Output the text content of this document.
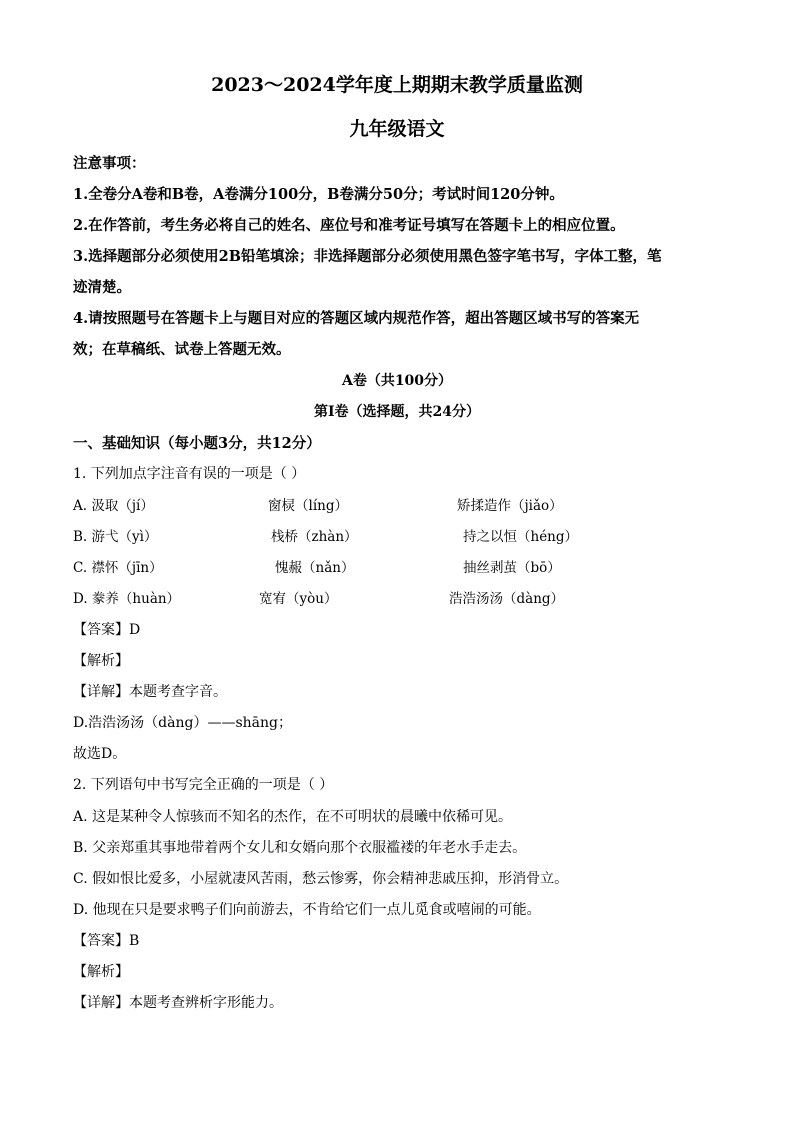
2023～2024学年度上期期末教学质量监测
九年级语文
注意事项：
1.全卷分A卷和B卷，A卷满分100分，B卷满分50分；考试时间120分钟。
2.在作答前，考生务必将自己的姓名、座位号和准考证号填写在答题卡上的相应位置。
3.选择题部分必须使用2B铅笔填涂；非选择题部分必须使用黑色签字笔书写，字体工整，笔
迹清楚。
4.请按照题号在答题卡上与题目对应的答题区域内规范作答，超出答题区域书写的答案无
效；在草稿纸、试卷上答题无效。
A卷（共100分）
第Ⅰ卷（选择题，共24分）
一、基础知识（每小题3分，共12分）
1. 下列加点字注音有误的一项是（ ）
A. 汲取（jí）	窗棂（líng）	矫揉造作（jiǎo）
B. 游弋（yì）	栈桥（zhàn）	持之以恒（héng）
C. 襟怀（jīn）	愧赧（nǎn）	抽丝剥茧（bō）
D. 豢养（huàn）	宽宥（yòu）	浩浩汤汤（dàng）
【答案】D
【解析】
【详解】本题考查字音。
D.浩浩汤汤（dàng）——shāng；
故选D。
2. 下列语句中书写完全正确的一项是（ ）
A. 这是某种令人惊骇而不知名的杰作，在不可明状的晨曦中依稀可见。
B. 父亲郑重其事地带着两个女儿和女婿向那个衣服褴褛的年老水手走去。
C. 假如恨比爱多，小屋就凄风苦雨，愁云惨雾，你会精神悲戚压抑，形消骨立。
D. 他现在只是要求鸭子们向前游去，不肯给它们一点儿觅食或嘻闹的可能。
【答案】B
【解析】
【详解】本题考查辨析字形能力。
